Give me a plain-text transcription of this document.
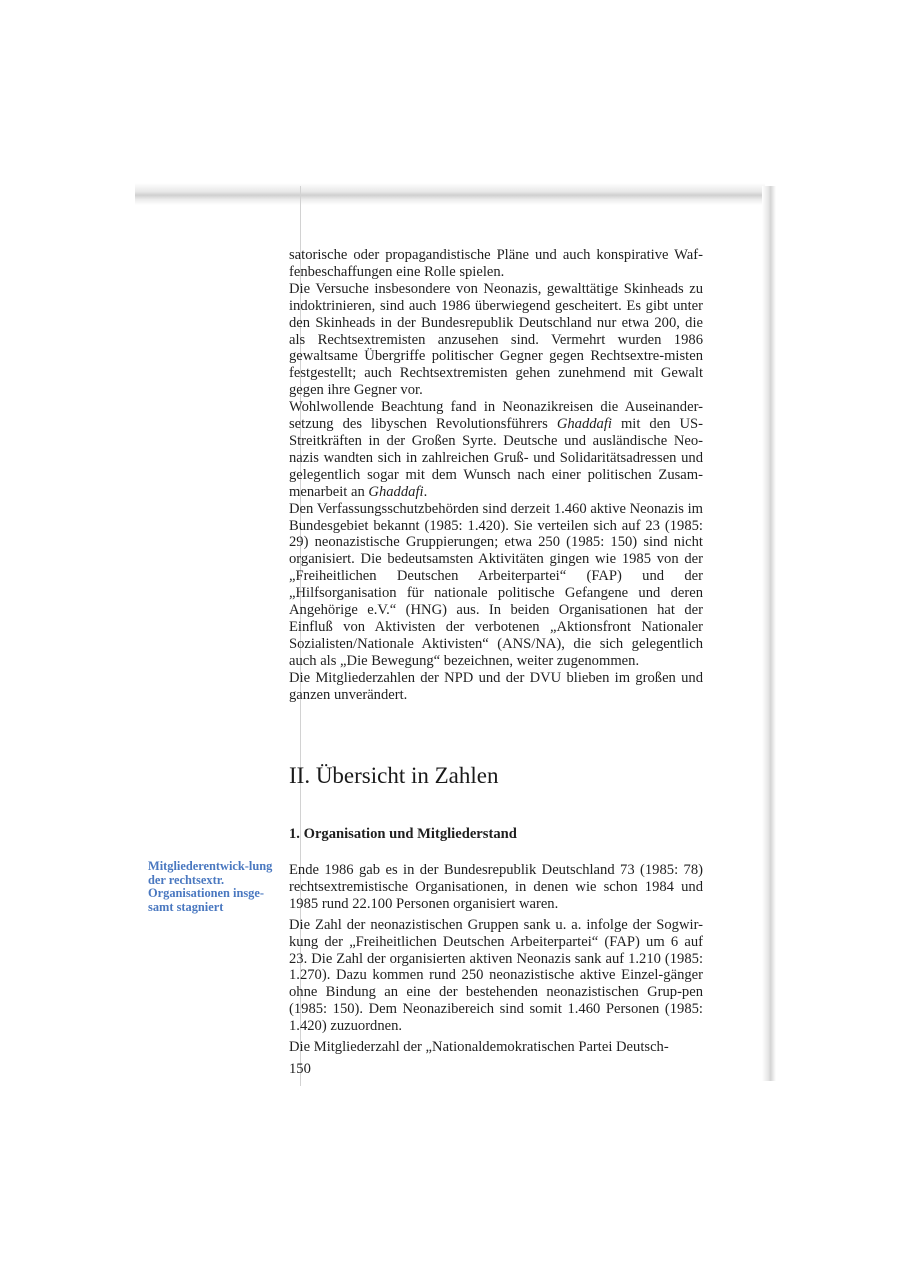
satorische oder propagandistische Pläne und auch konspirative Waf-fenbeschaffungen eine Rolle spielen.

Die Versuche insbesondere von Neonazis, gewalttätige Skinheads zu indoktrinieren, sind auch 1986 überwiegend gescheitert. Es gibt unter den Skinheads in der Bundesrepublik Deutschland nur etwa 200, die als Rechtsextremisten anzusehen sind. Vermehrt wurden 1986 gewaltsame Übergriffe politischer Gegner gegen Rechtsextre-misten festgestellt; auch Rechtsextremisten gehen zunehmend mit Gewalt gegen ihre Gegner vor.

Wohlwollende Beachtung fand in Neonazikreisen die Auseinander-setzung des libyschen Revolutionsführers Ghaddafi mit den US-Streitkräften in der Großen Syrte. Deutsche und ausländische Neo-nazis wandten sich in zahlreichen Gruß- und Solidaritätsadressen und gelegentlich sogar mit dem Wunsch nach einer politischen Zusam-menarbeit an Ghaddafi.

Den Verfassungsschutzbehörden sind derzeit 1.460 aktive Neonazis im Bundesgebiet bekannt (1985: 1.420). Sie verteilen sich auf 23 (1985: 29) neonazistische Gruppierungen; etwa 250 (1985: 150) sind nicht organisiert. Die bedeutsamsten Aktivitäten gingen wie 1985 von der „Freiheitlichen Deutschen Arbeiterpartei“ (FAP) und der „Hilfsorganisation für nationale politische Gefangene und deren Angehörige e.V.“ (HNG) aus. In beiden Organisationen hat der Einfluß von Aktivisten der verbotenen „Aktionsfront Nationaler Sozialisten/Nationale Aktivisten“ (ANS/NA), die sich gelegentlich auch als „Die Bewegung“ bezeichnen, weiter zugenommen.

Die Mitgliederzahlen der NPD und der DVU blieben im großen und ganzen unverändert.

II. Übersicht in Zahlen
1. Organisation und Mitgliederstand
Mitgliederentwick-lung der rechtsextr. Organisationen insge-samt stagniert

Ende 1986 gab es in der Bundesrepublik Deutschland 73 (1985: 78) rechtsextremistische Organisationen, in denen wie schon 1984 und 1985 rund 22.100 Personen organisiert waren.

Die Zahl der neonazistischen Gruppen sank u. a. infolge der Sogwir-kung der „Freiheitlichen Deutschen Arbeiterpartei“ (FAP) um 6 auf 23. Die Zahl der organisierten aktiven Neonazis sank auf 1.210 (1985: 1.270). Dazu kommen rund 250 neonazistische aktive Einzel-gänger ohne Bindung an eine der bestehenden neonazistischen Grup-pen (1985: 150). Dem Neonazibereich sind somit 1.460 Personen (1985: 1.420) zuzuordnen.

Die Mitgliederzahl der „Nationaldemokratischen Partei Deutsch-

150
